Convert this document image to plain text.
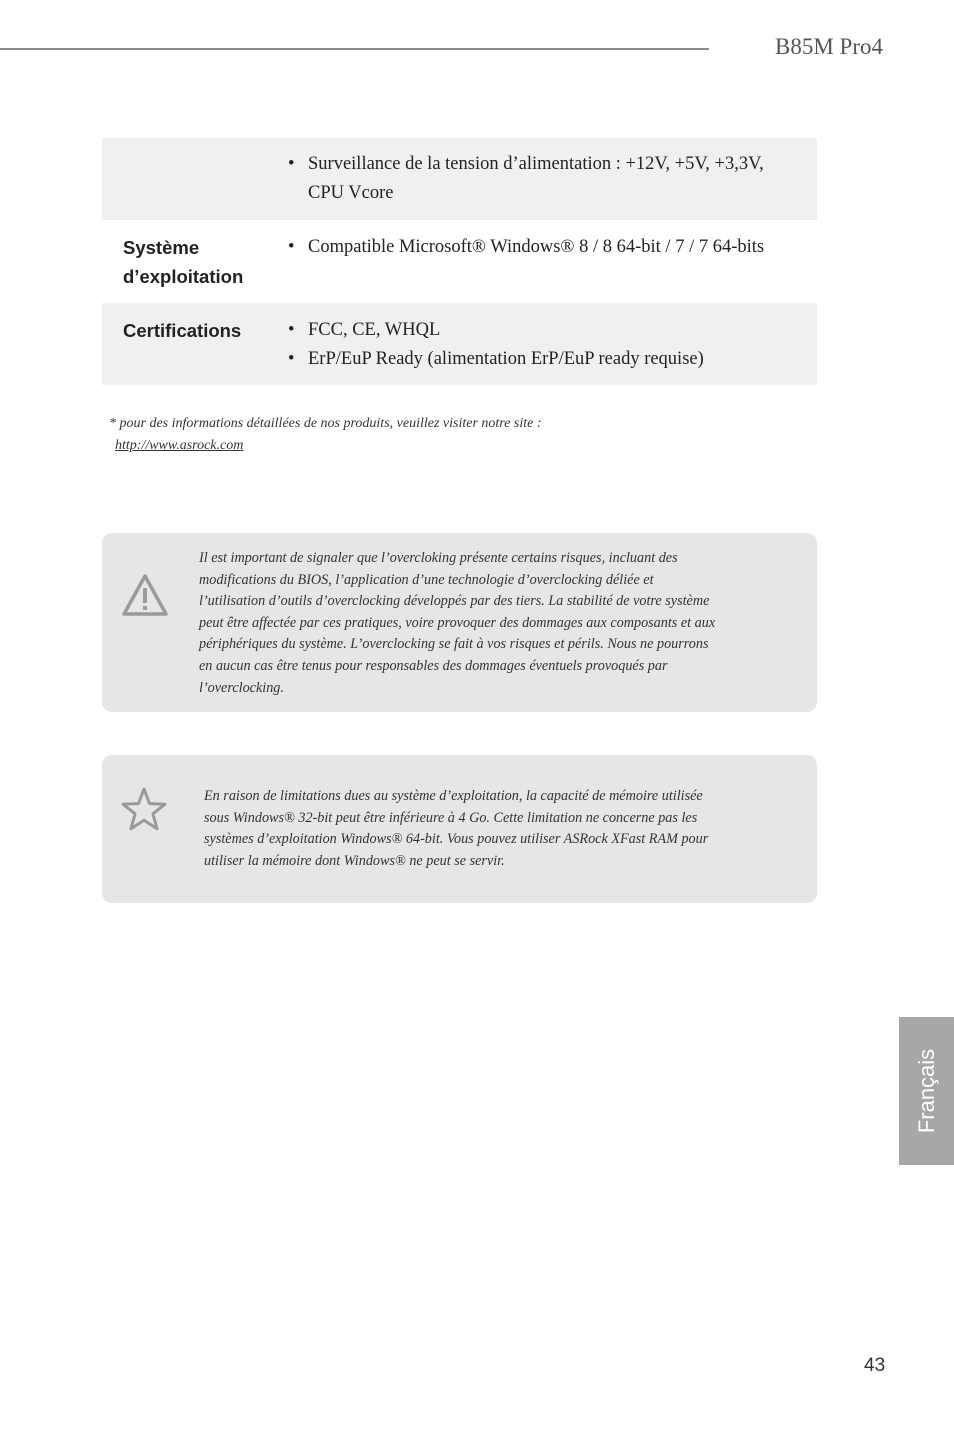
B85M Pro4
• Surveillance de la tension d’alimentation : +12V, +5V, +3,3V, CPU Vcore
Système d’exploitation
• Compatible Microsoft® Windows® 8 / 8 64-bit / 7 / 7 64-bits
Certifications	• FCC, CE, WHQL
• ErP/EuP Ready (alimentation ErP/EuP ready requise)
* pour des informations détaillées de nos produits, veuillez visiter notre site :
http://www.asrock.com
Il est important de signaler que l’overcloking présente certains risques, incluant des modifications du BIOS, l’application d’une technologie d’overclocking déliée et l’utilisation d’outils d’overclocking développés par des tiers. La stabilité de votre système peut être affectée par ces pratiques, voire provoquer des dommages aux composants et aux périphériques du système. L’overclocking se fait à vos risques et périls. Nous ne pourrons en aucun cas être tenus pour responsables des dommages éventuels provoqués par l’overclocking.
En raison de limitations dues au système d’exploitation, la capacité de mémoire utilisée sous Windows® 32-bit peut être inférieure à 4 Go. Cette limitation ne concerne pas les systèmes d’exploitation Windows® 64-bit. Vous pouvez utiliser ASRock XFast RAM pour utiliser la mémoire dont Windows® ne peut se servir.
Français
43
